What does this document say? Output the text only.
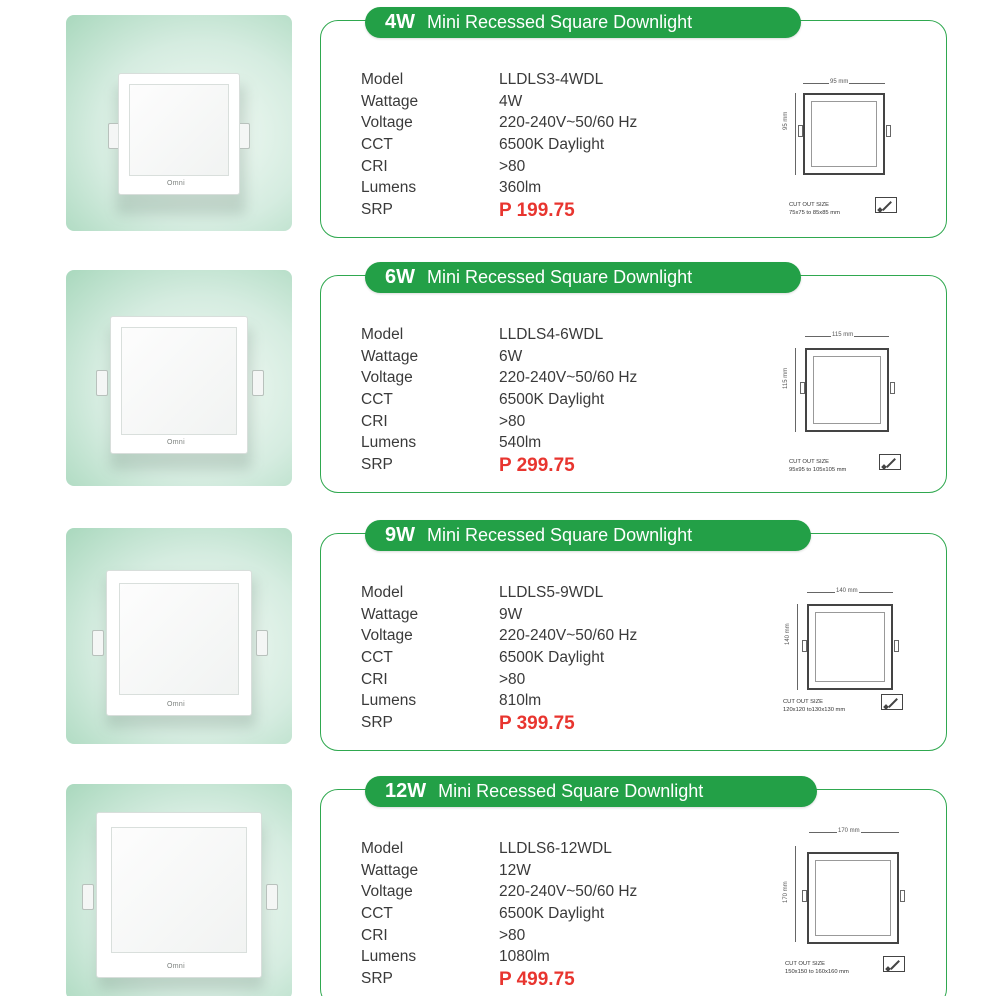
Omni
4W Mini Recessed Square Downlight
Model	LLDLS3-4WDL
Wattage	4W
Voltage	220-240V~50/60 Hz
CCT	6500K Daylight
CRI	>80
Lumens	360lm
SRP	P 199.75
95 mm
95 mm
CUT OUT SIZE
75x75 to 85x85 mm
Omni
6W Mini Recessed Square Downlight
Model	LLDLS4-6WDL
Wattage	6W
Voltage	220-240V~50/60 Hz
CCT	6500K Daylight
CRI	>80
Lumens	540lm
SRP	P 299.75
115 mm
115 mm
CUT OUT SIZE
95x95 to 105x105 mm
Omni
9W Mini Recessed Square Downlight
Model	LLDLS5-9WDL
Wattage	9W
Voltage	220-240V~50/60 Hz
CCT	6500K Daylight
CRI	>80
Lumens	810lm
SRP	P 399.75
140 mm
140 mm
CUT OUT SIZE
120x120 to130x130 mm
Omni
12W Mini Recessed Square Downlight
Model	LLDLS6-12WDL
Wattage	12W
Voltage	220-240V~50/60 Hz
CCT	6500K Daylight
CRI	>80
Lumens	1080lm
SRP	P 499.75
170 mm
170 mm
CUT OUT SIZE
150x150 to 160x160 mm
